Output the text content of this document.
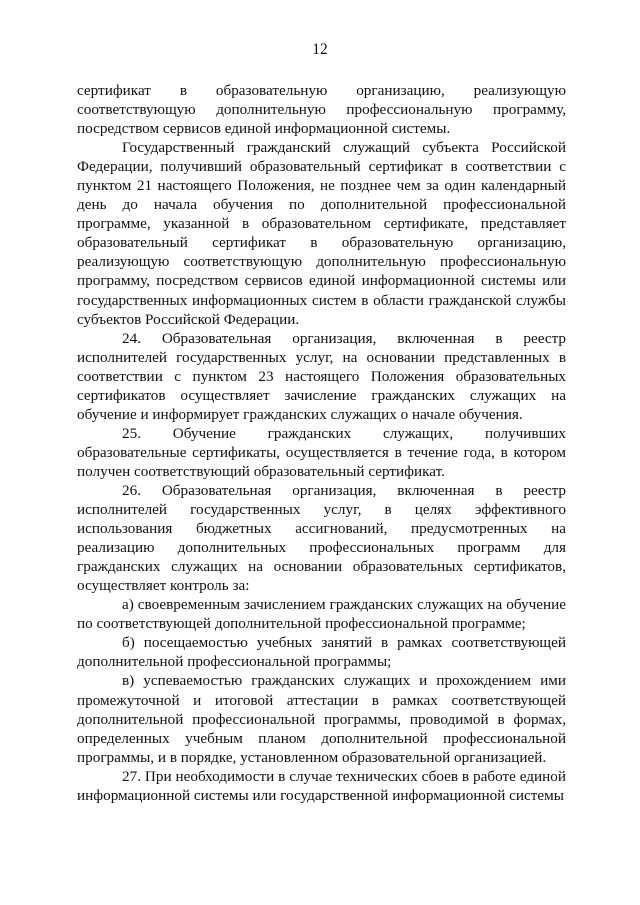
12

сертификат в образовательную организацию, реализующую соответствующую дополнительную профессиональную программу, посредством сервисов единой информационной системы.

Государственный гражданский служащий субъекта Российской Федерации, получивший образовательный сертификат в соответствии с пунктом 21 настоящего Положения, не позднее чем за один календарный день до начала обучения по дополнительной профессиональной программе, указанной в образовательном сертификате, представляет образовательный сертификат в образовательную организацию, реализующую соответствующую дополнительную профессиональную программу, посредством сервисов единой информационной системы или государственных информационных систем в области гражданской службы субъектов Российской Федерации.

24. Образовательная организация, включенная в реестр исполнителей государственных услуг, на основании представленных в соответствии с пунктом 23 настоящего Положения образовательных сертификатов осуществляет зачисление гражданских служащих на обучение и информирует гражданских служащих о начале обучения.

25. Обучение гражданских служащих, получивших образовательные сертификаты, осуществляется в течение года, в котором получен соответствующий образовательный сертификат.

26. Образовательная организация, включенная в реестр исполнителей государственных услуг, в целях эффективного использования бюджетных ассигнований, предусмотренных на реализацию дополнительных профессиональных программ для гражданских служащих на основании образовательных сертификатов, осуществляет контроль за:

а) своевременным зачислением гражданских служащих на обучение по соответствующей дополнительной профессиональной программе;

б) посещаемостью учебных занятий в рамках соответствующей дополнительной профессиональной программы;

в) успеваемостью гражданских служащих и прохождением ими промежуточной и итоговой аттестации в рамках соответствующей дополнительной профессиональной программы, проводимой в формах, определенных учебным планом дополнительной профессиональной программы, и в порядке, установленном образовательной организацией.

27. При необходимости в случае технических сбоев в работе единой информационной системы или государственной информационной системы
